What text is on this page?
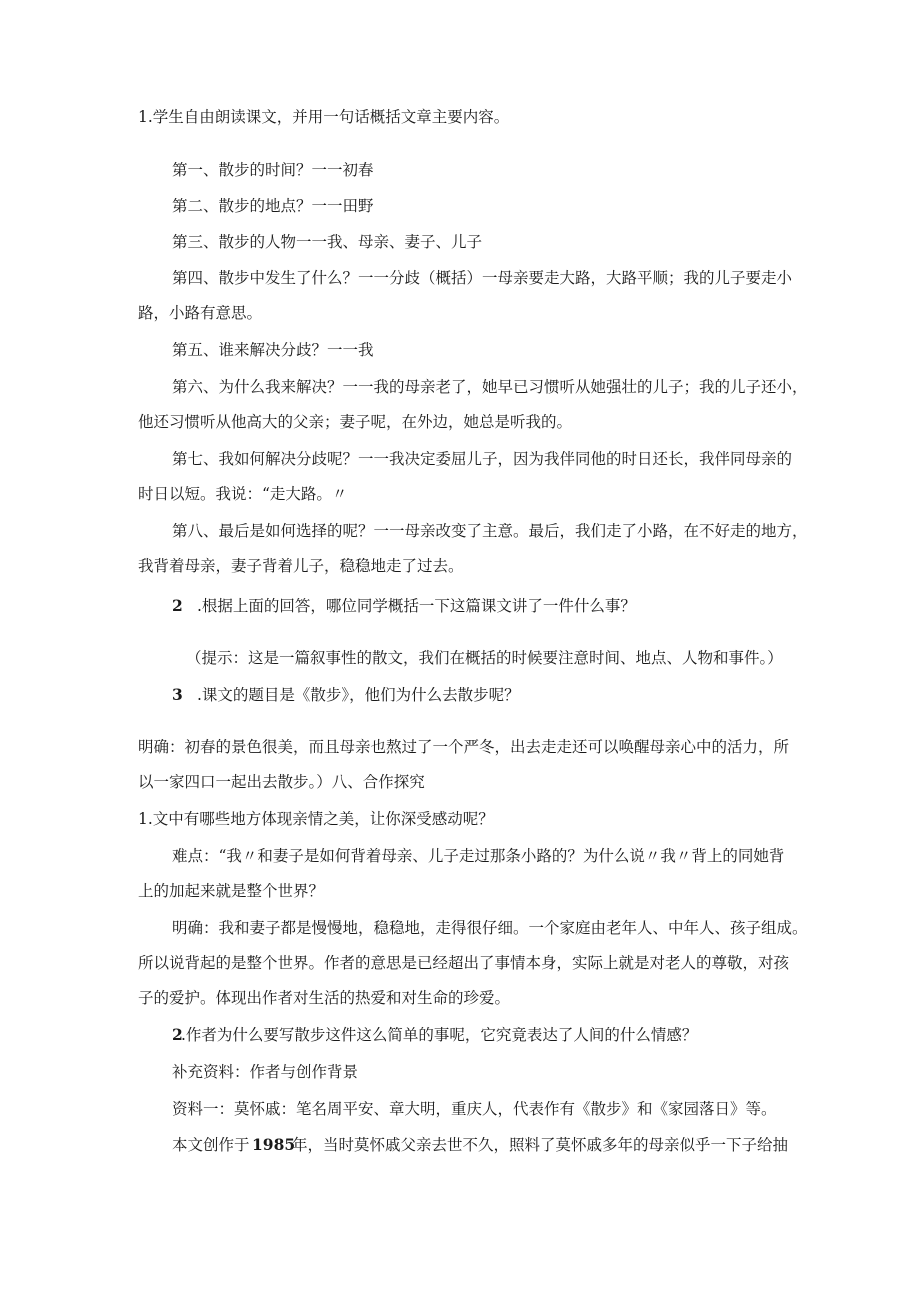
1.学生自由朗读课文，并用一句话概括文章主要内容。
第一、散步的时间？一一初春
第二、散步的地点？一一田野
第三、散步的人物一一我、母亲、妻子、儿子
第四、散步中发生了什么？一一分歧（概括）一母亲要走大路，大路平顺；我的儿子要走小
路，小路有意思。
第五、谁来解决分歧？一一我
第六、为什么我来解决？一一我的母亲老了，她早已习惯听从她强壮的儿子；我的儿子还小，
他还习惯听从他高大的父亲；妻子呢，在外边，她总是听我的。
第七、我如何解决分歧呢？一一我决定委屈儿子，因为我伴同他的时日还长，我伴同母亲的
时日以短。我说：“走大路。〃
第八、最后是如何选择的呢？一一母亲改变了主意。最后，我们走了小路，在不好走的地方，
我背着母亲，妻子背着儿子，稳稳地走了过去。
2 .根据上面的回答，哪位同学概括一下这篇课文讲了一件什么事？
（提示：这是一篇叙事性的散文，我们在概括的时候要注意时间、地点、人物和事件。）
3 .课文的题目是《散步》，他们为什么去散步呢？
明确：初春的景色很美，而且母亲也熬过了一个严冬，出去走走还可以唤醒母亲心中的活力，所
以一家四口一起出去散步。）八、合作探究
1.文中有哪些地方体现亲情之美，让你深受感动呢？
难点：“我〃和妻子是如何背着母亲、儿子走过那条小路的？为什么说〃我〃背上的同她背
上的加起来就是整个世界？
明确：我和妻子都是慢慢地，稳稳地，走得很仔细。一个家庭由老年人、中年人、孩子组成。
所以说背起的是整个世界。作者的意思是已经超出了事情本身，实际上就是对老人的尊敬，对孩
子的爱护。体现出作者对生活的热爱和对生命的珍爱。
2
.作者为什么要写散步这件这么简单的事呢，它究竟表达了人间的什么情感？
补充资料：作者与创作背景
资料一：莫怀戚：笔名周平安、章大明，重庆人，代表作有《散步》和《家园落日》等。
本文创作于 1985
年，当时莫怀戚父亲去世不久，照料了莫怀戚多年的母亲似乎一下子给抽
